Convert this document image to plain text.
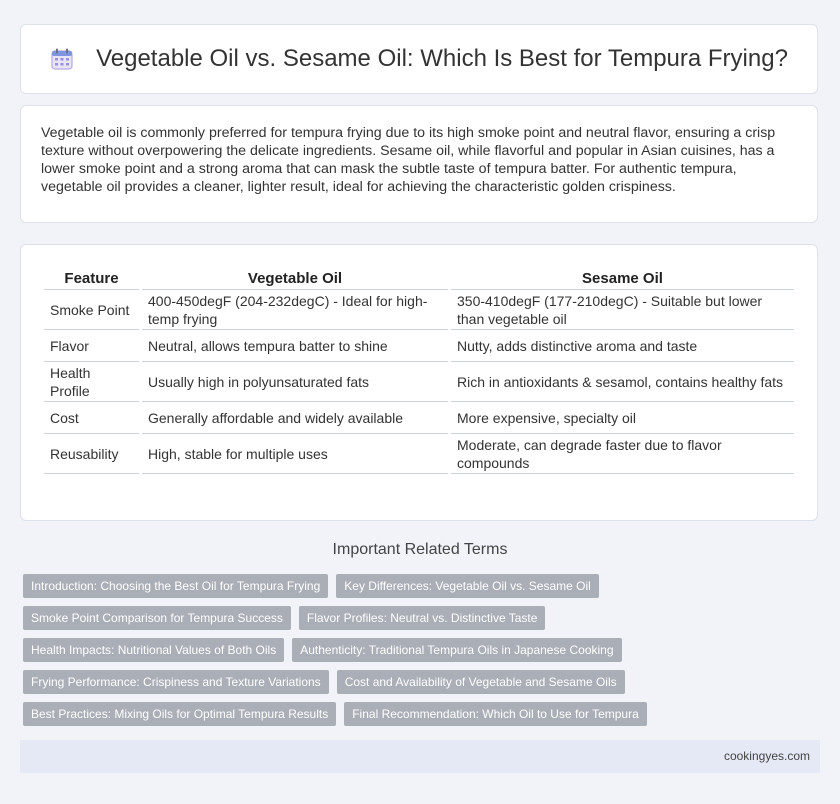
Vegetable Oil vs. Sesame Oil: Which Is Best for Tempura Frying?

Vegetable oil is commonly preferred for tempura frying due to its high smoke point and neutral flavor, ensuring a crisp texture without overpowering the delicate ingredients. Sesame oil, while flavorful and popular in Asian cuisines, has a lower smoke point and a strong aroma that can mask the subtle taste of tempura batter. For authentic tempura, vegetable oil provides a cleaner, lighter result, ideal for achieving the characteristic golden crispiness.

Feature	Vegetable Oil	Sesame Oil
Smoke Point	400-450degF (204-232degC) - Ideal for high-temp frying	350-410degF (177-210degC) - Suitable but lower than vegetable oil
Flavor	Neutral, allows tempura batter to shine	Nutty, adds distinctive aroma and taste
Health Profile	Usually high in polyunsaturated fats	Rich in antioxidants & sesamol, contains healthy fats
Cost	Generally affordable and widely available	More expensive, specialty oil
Reusability	High, stable for multiple uses	Moderate, can degrade faster due to flavor compounds
Important Related Terms
Introduction: Choosing the Best Oil for Tempura Frying	Key Differences: Vegetable Oil vs. Sesame Oil
Smoke Point Comparison for Tempura Success	Flavor Profiles: Neutral vs. Distinctive Taste
Health Impacts: Nutritional Values of Both Oils	Authenticity: Traditional Tempura Oils in Japanese Cooking
Frying Performance: Crispiness and Texture Variations	Cost and Availability of Vegetable and Sesame Oils
Best Practices: Mixing Oils for Optimal Tempura Results	Final Recommendation: Which Oil to Use for Tempura
cookingyes.com
